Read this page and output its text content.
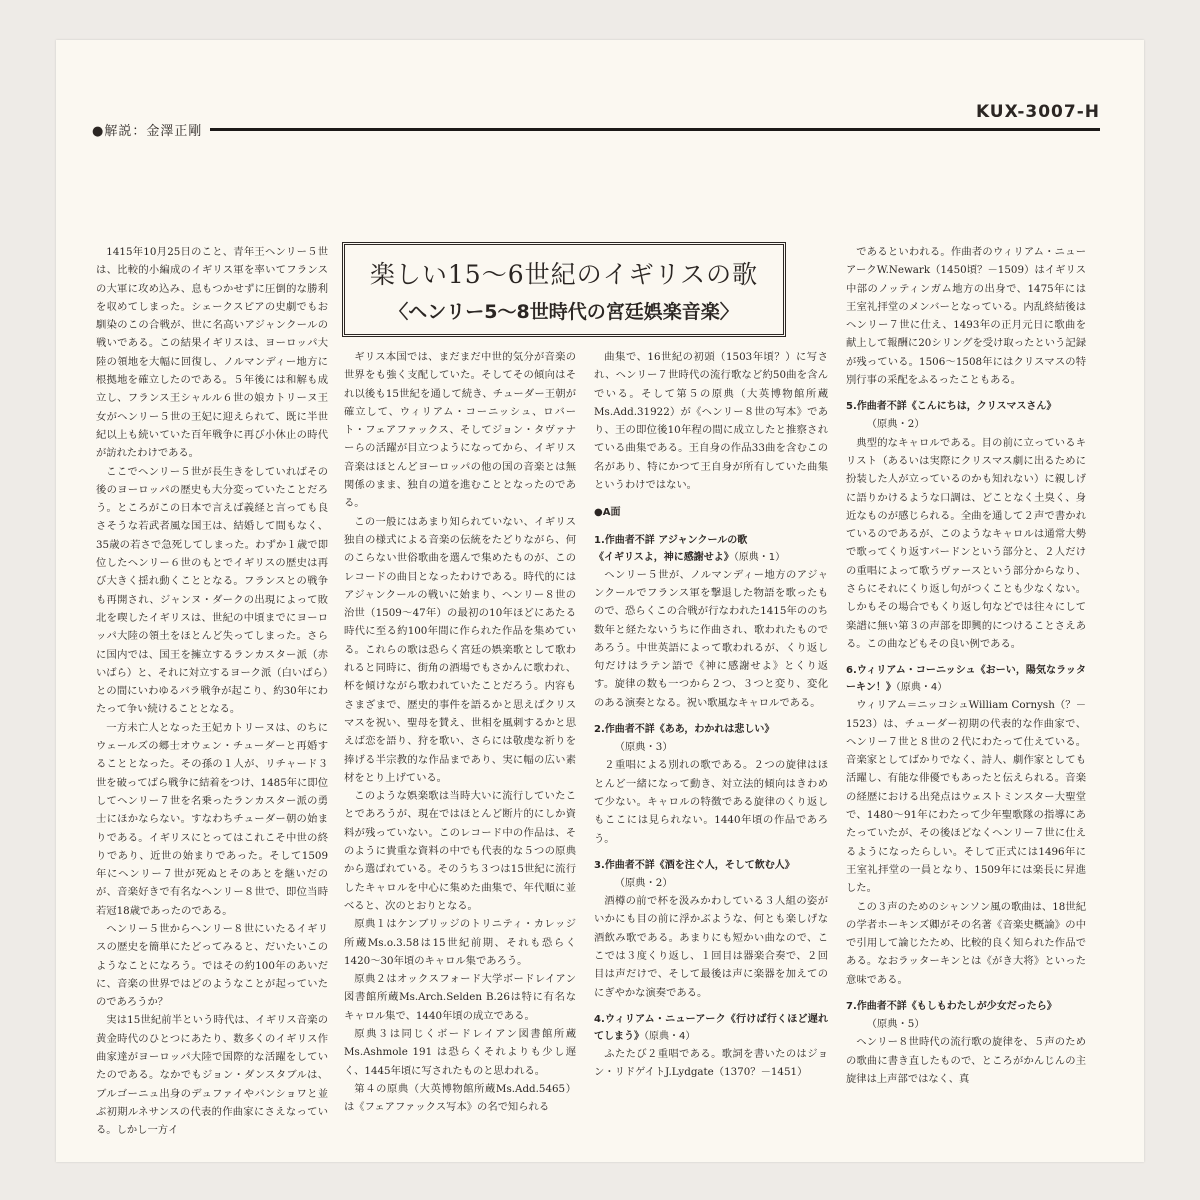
●解説：金澤正剛
KUX-3007-H
楽しい15～6世紀のイギリスの歌
〈ヘンリー5～8世時代の宮廷娯楽音楽〉

1415年10月25日のこと、青年王ヘンリー５世は、比較的小編成のイギリス軍を率いてフランスの大軍に攻め込み、息もつかせずに圧倒的な勝利を収めてしまった。シェークスピアの史劇でもお馴染のこの合戦が、世に名高いアジャンクールの戦いである。この結果イギリスは、ヨーロッパ大陸の領地を大幅に回復し、ノルマンディー地方に根拠地を確立したのである。５年後には和解も成立し、フランス王シャルル６世の娘カトリーヌ王女がヘンリー５世の王妃に迎えられて、既に半世紀以上も続いていた百年戦争に再び小休止の時代が訪れたわけである。

ここでヘンリー５世が長生きをしていればその後のヨーロッパの歴史も大分変っていたことだろう。ところがこの日本で言えば義経と言っても良さそうな若武者風な国王は、結婚して間もなく、35歳の若さで急死してしまった。わずか１歳で即位したヘンリー６世のもとでイギリスの歴史は再び大きく揺れ動くこととなる。フランスとの戦争も再開され、ジャンヌ・ダークの出現によって敗北を喫したイギリスは、世紀の中頃までにヨーロッパ大陸の領土をほとんど失ってしまった。さらに国内では、国王を擁立するランカスター派（赤いばら）と、それに対立するヨーク派（白いばら）との間にいわゆるバラ戦争が起こり、約30年にわたって争い続けることとなる。

一方未亡人となった王妃カトリーヌは、のちにウェールズの郷士オウェン・チューダーと再婚することとなった。その孫の１人が、リチャード３世を破ってばら戦争に結着をつけ、1485年に即位してヘンリー７世を名乗ったランカスター派の勇士にほかならない。すなわちチューダー朝の始まりである。イギリスにとってはこれこそ中世の終りであり、近世の始まりであった。そして1509年にヘンリー７世が死ぬとそのあとを継いだのが、音楽好きで有名なヘンリー８世で、即位当時若冠18歳であったのである。

ヘンリー５世からヘンリー８世にいたるイギリスの歴史を簡単にたどってみると、だいたいこのようなことになろう。ではその約100年のあいだに、音楽の世界ではどのようなことが起っていたのであろうか？

実は15世紀前半という時代は、イギリス音楽の黄金時代のひとつにあたり、数多くのイギリス作曲家達がヨーロッパ大陸で国際的な活躍をしていたのである。なかでもジョン・ダンスタブルは、ブルゴーニュ出身のデュファイやバンショワと並ぶ初期ルネサンスの代表的作曲家にさえなっている。しかし一方イ

ギリス本国では、まだまだ中世的気分が音楽の世界をも強く支配していた。そしてその傾向はそれ以後も15世紀を通して続き、チューダー王朝が確立して、ウィリアム・コーニッシュ、ロバート・フェアファックス、そしてジョン・タヴァナーらの活躍が目立つようになってから、イギリス音楽はほとんどヨーロッパの他の国の音楽とは無関係のまま、独自の道を進むこととなったのである。

この一般にはあまり知られていない、イギリス独自の様式による音楽の伝統をたどりながら、何のこらない世俗歌曲を選んで集めたものが、このレコードの曲目となったわけである。時代的にはアジャンクールの戦いに始まり、ヘンリー８世の治世（1509～47年）の最初の10年ほどにあたる時代に至る約100年間に作られた作品を集めている。これらの歌は恐らく宮廷の娯楽歌として歌われると同時に、街角の酒場でもさかんに歌われ、杯を傾けながら歌われていたことだろう。内容もさまざまで、歴史的事件を語るかと思えばクリスマスを祝い、聖母を賛え、世相を風刺するかと思えば恋を語り、狩を歌い、さらには敬虔な祈りを捧げる半宗教的な作品まであり、実に幅の広い素材をとり上げている。

このような娯楽歌は当時大いに流行していたことであろうが、現在ではほとんど断片的にしか資料が残っていない。このレコード中の作品は、そのように貴重な資料の中でも代表的な５つの原典から選ばれている。そのうち３つは15世紀に流行したキャロルを中心に集めた曲集で、年代順に並べると、次のとおりとなる。

原典１はケンブリッジのトリニティ・カレッジ所蔵Ms.o.3.58は15世紀前期、それも恐らく1420～30年頃のキャロル集であろう。

原典２はオックスフォード大学ボードレイアン図書館所蔵Ms.Arch.Selden B.26は特に有名なキャロル集で、1440年頃の成立である。

原典３は同じくボードレイアン図書館所蔵Ms.Ashmole 191 は恐らくそれよりも少し遅く、1445年頃に写されたものと思われる。

第４の原典（大英博物館所蔵Ms.Add.5465）は《フェアファックス写本》の名で知られる

曲集で、16世紀の初頭（1503年頃？）に写され、ヘンリー７世時代の流行歌など約50曲を含んでいる。そして第５の原典（大英博物館所蔵Ms.Add.31922）が《ヘンリー８世の写本》であり、王の即位後10年程の間に成立したと推察されている曲集である。王自身の作品33曲を含むこの名があり、特にかつて王自身が所有していた曲集というわけではない。

●A面
1.作曲者不詳 アジャンクールの歌
《イギリスよ，神に感謝せよ》（原典・1）

ヘンリー５世が、ノルマンディー地方のアジャンクールでフランス軍を撃退した物語を歌ったもので、恐らくこの合戦が行なわれた1415年ののち数年と経たないうちに作曲され、歌われたものであろう。中世英語によって歌われるが、くり返し句だけはラテン語で《神に感謝せよ》とくり返す。旋律の数も一つから２つ、３つと変り、変化のある演奏となる。祝い歌風なキャロルである。

2.作曲者不詳《ああ，わかれは悲しい》

（原典・3）

２重唱による別れの歌である。２つの旋律はほとんど一緒になって動き、対立法的傾向はきわめて少ない。キャロルの特徴である旋律のくり返しもここには見られない。1440年頃の作品であろう。

3.作曲者不詳《酒を注ぐ人，そして飲む人》

（原典・2）

酒樽の前で杯を汲みかわしている３人組の姿がいかにも目の前に浮かぶような、何とも楽しげな酒飲み歌である。あまりにも短かい曲なので、ここでは３度くり返し、１回目は器楽合奏で、２回目は声だけで、そして最後は声に楽器を加えてのにぎやかな演奏である。

4.ウィリアム・ニューアーク《行けば行くほど遅れてしまう》（原典・4）

ふたたび２重唱である。歌詞を書いたのはジョン・リドゲイトJ.Lydgate（1370？－1451）

であるといわれる。作曲者のウィリアム・ニューアークW.Newark（1450頃？－1509）はイギリス中部のノッティンガム地方の出身で、1475年には王室礼拝堂のメンバーとなっている。内乱終結後はヘンリー７世に仕え、1493年の正月元日に歌曲を献上して報酬に20シリングを受け取ったという記録が残っている。1506～1508年にはクリスマスの特別行事の采配をふるったこともある。

5.作曲者不詳《こんにちは，クリスマスさん》

（原典・2）

典型的なキャロルである。目の前に立っているキリスト（あるいは実際にクリスマス劇に出るために扮装した人が立っているのかも知れない）に親しげに語りかけるような口調は、どことなく土臭く、身近なものが感じられる。全曲を通して２声で書かれているのであるが、このようなキャロルは通常大勢で歌ってくり返すバードンという部分と、２人だけの重唱によって歌うヴァースという部分からなり、さらにそれにくり返し句がつくことも少なくない。しかもその場合でもくり返し句などでは往々にして楽譜に無い第３の声部を即興的につけることさえある。この曲などもその良い例である。

6.ウィリアム・コーニッシュ《おーい，陽気なラッターキン！》（原典・4）

ウィリアム＝ニッコシュWilliam Cornysh（？－1523）は、チューダー初期の代表的な作曲家で、ヘンリー７世と８世の２代にわたって仕えている。音楽家としてばかりでなく、詩人、劇作家としても活躍し、有能な俳優でもあったと伝えられる。音楽の経歴における出発点はウェストミンスター大聖堂で、1480～91年にわたって少年聖歌隊の指導にあたっていたが、その後ほどなくヘンリー７世に仕えるようになったらしい。そして正式には1496年に王室礼拝堂の一員となり、1509年には楽長に昇進した。

この３声のためのシャンソン風の歌曲は、18世紀の学者ホーキンズ卿がその名著《音楽史概論》の中で引用して論じたため、比較的良く知られた作品である。なおラッターキンとは《がき大将》といった意味である。

7.作曲者不詳《もしもわたしが少女だったら》

（原典・5）

ヘンリー８世時代の流行歌の旋律を、５声のための歌曲に書き直したもので、ところがかんじんの主旋律は上声部ではなく、真
